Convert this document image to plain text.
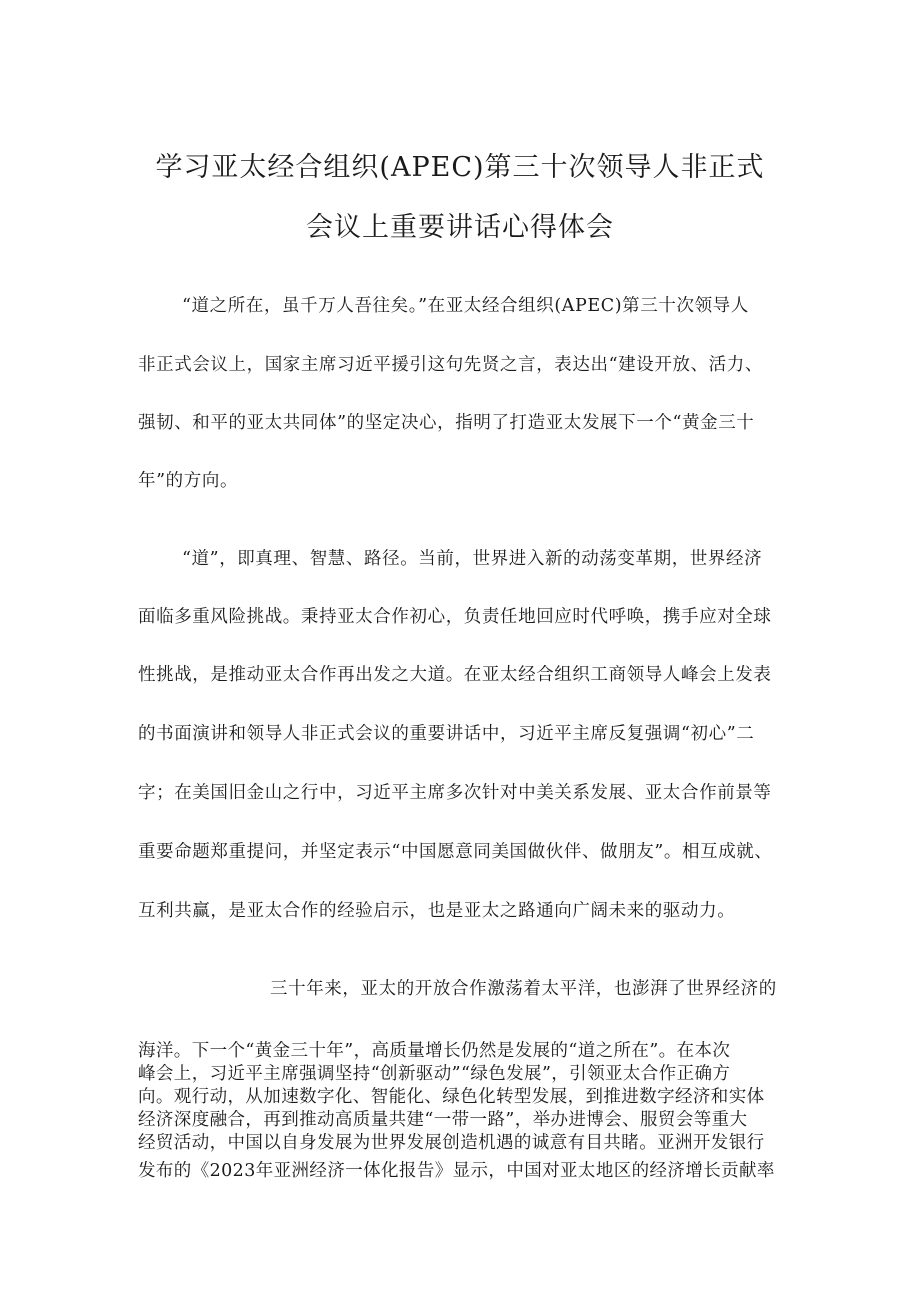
学习亚太经合组织(APEC)第三十次领导人非正式
会议上重要讲话心得体会
“道之所在，虽千万人吾往矣。”在亚太经合组织(APEC)第三十次领导人
非正式会议上，国家主席习近平援引这句先贤之言，表达出“建设开放、活力、
强韧、和平的亚太共同体”的坚定决心，指明了打造亚太发展下一个“黄金三十
年”的方向。
“道”，即真理、智慧、路径。当前，世界进入新的动荡变革期，世界经济
面临多重风险挑战。秉持亚太合作初心，负责任地回应时代呼唤，携手应对全球
性挑战，是推动亚太合作再出发之大道。在亚太经合组织工商领导人峰会上发表
的书面演讲和领导人非正式会议的重要讲话中，习近平主席反复强调“初心”二
字；在美国旧金山之行中，习近平主席多次针对中美关系发展、亚太合作前景等
重要命题郑重提问，并坚定表示“中国愿意同美国做伙伴、做朋友”。相互成就、
互利共赢，是亚太合作的经验启示，也是亚太之路通向广阔未来的驱动力。
三十年来，亚太的开放合作激荡着太平洋，也澎湃了世界经济的
海洋。下一个“黄金三十年”，高质量增长仍然是发展的“道之所在”。在本次
峰会上，习近平主席强调坚持“创新驱动”“绿色发展”，引领亚太合作正确方
向。观行动，从加速数字化、智能化、绿色化转型发展，到推进数字经济和实体
经济深度融合，再到推动高质量共建“一带一路”，举办进博会、服贸会等重大
经贸活动，中国以自身发展为世界发展创造机遇的诚意有目共睹。亚洲开发银行
发布的《2023年亚洲经济一体化报告》显示，中国对亚太地区的经济增长贡献率
